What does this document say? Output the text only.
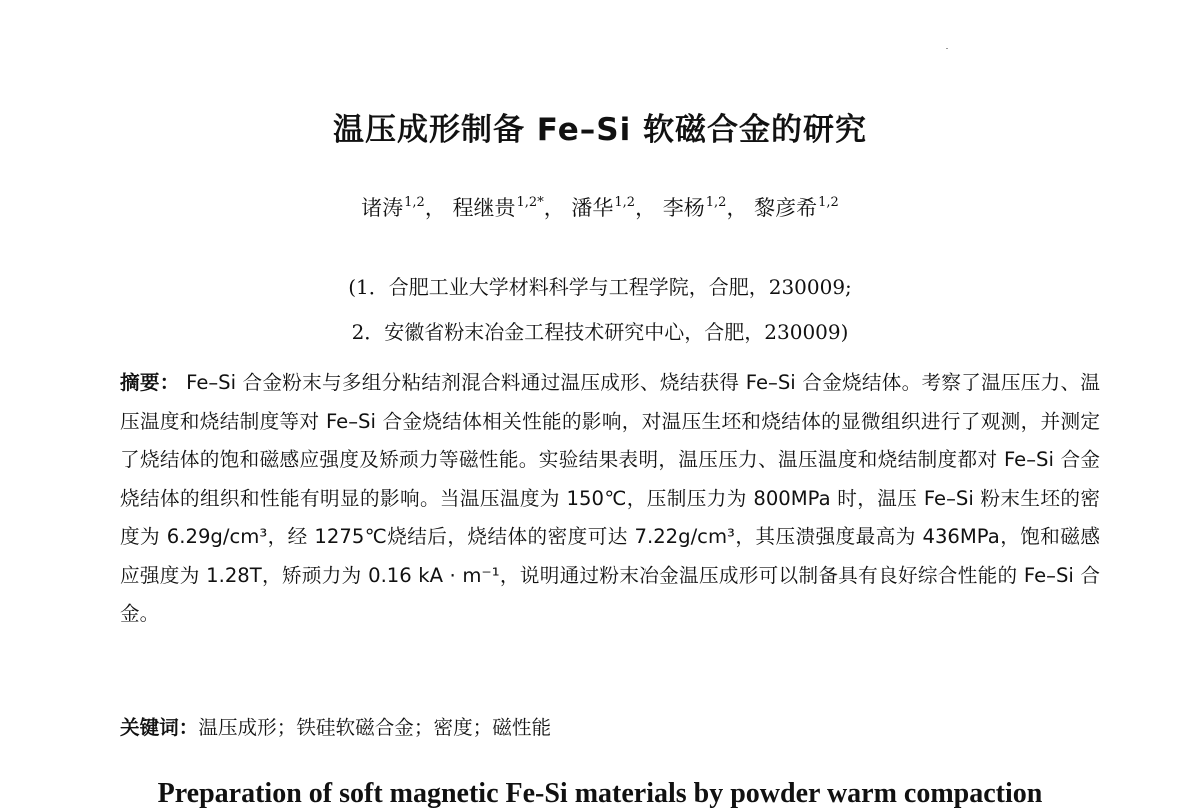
温压成形制备 Fe–Si 软磁合金的研究
诸涛$^{1,2}$， 程继贵$^{1,2*}$， 潘华$^{1,2}$， 李杨$^{1,2}$， 黎彦希$^{1,2}$
(1．合肥工业大学材料科学与工程学院，合肥，230009;
2．安徽省粉末冶金工程技术研究中心，合肥，230009)
摘要： Fe–Si 合金粉末与多组分粘结剂混合料通过温压成形、烧结获得 Fe–Si 合金烧结体。考察了温压压力、温压温度和烧结制度等对 Fe–Si 合金烧结体相关性能的影响，对温压生坯和烧结体的显微组织进行了观测，并测定了烧结体的饱和磁感应强度及矫顽力等磁性能。实验结果表明，温压压力、温压温度和烧结制度都对 Fe–Si 合金烧结体的组织和性能有明显的影响。当温压温度为 150℃，压制压力为 800MPa 时，温压 Fe–Si 粉末生坯的密度为 6.29g/cm³，经 1275℃烧结后，烧结体的密度可达 7.22g/cm³，其压溃强度最高为 436MPa，饱和磁感应强度为 1.28T，矫顽力为 0.16 kA · m⁻¹，说明通过粉末冶金温压成形可以制备具有良好综合性能的 Fe–Si 合金。
关键词：温压成形；铁硅软磁合金；密度；磁性能
Preparation of soft magnetic Fe-Si materials by powder warm compaction
